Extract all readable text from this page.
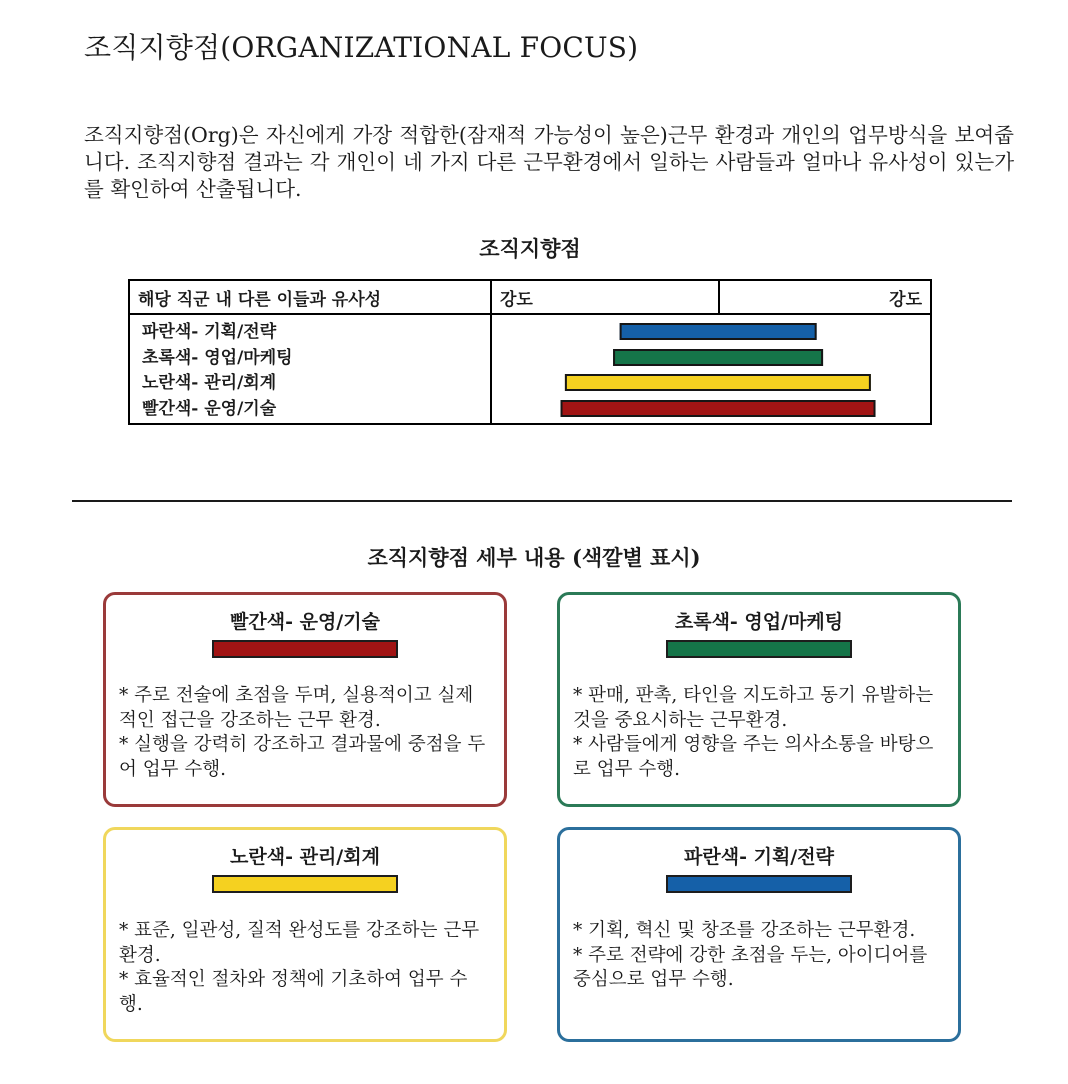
조직지향점(ORGANIZATIONAL FOCUS)

조직지향점(Org)은 자신에게 가장 적합한(잠재적 가능성이 높은)근무 환경과 개인의 업무방식을 보여줍니다. 조직지향점 결과는 각 개인이 네 가지 다른 근무환경에서 일하는 사람들과 얼마나 유사성이 있는가를 확인하여 산출됩니다.

조직지향점
해당 직군 내 다른 이들과 유사성	강도	강도
파란색- 기획/전략
초록색- 영업/마케팅
노란색- 관리/회계
빨간색- 운영/기술
조직지향점 세부 내용 (색깔별 표시)
빨간색- 운영/기술

* 주로 전술에 초점을 두며, 실용적이고 실제적인 접근을 강조하는 근무 환경.

* 실행을 강력히 강조하고 결과물에 중점을 두어 업무 수행.

초록색- 영업/마케팅

* 판매, 판촉, 타인을 지도하고 동기 유발하는 것을 중요시하는 근무환경.

* 사람들에게 영향을 주는 의사소통을 바탕으로 업무 수행.

노란색- 관리/회계

* 표준, 일관성, 질적 완성도를 강조하는 근무환경.

* 효율적인 절차와 정책에 기초하여 업무 수행.

파란색- 기획/전략

* 기획, 혁신 및 창조를 강조하는 근무환경.

* 주로 전략에 강한 초점을 두는, 아이디어를 중심으로 업무 수행.
